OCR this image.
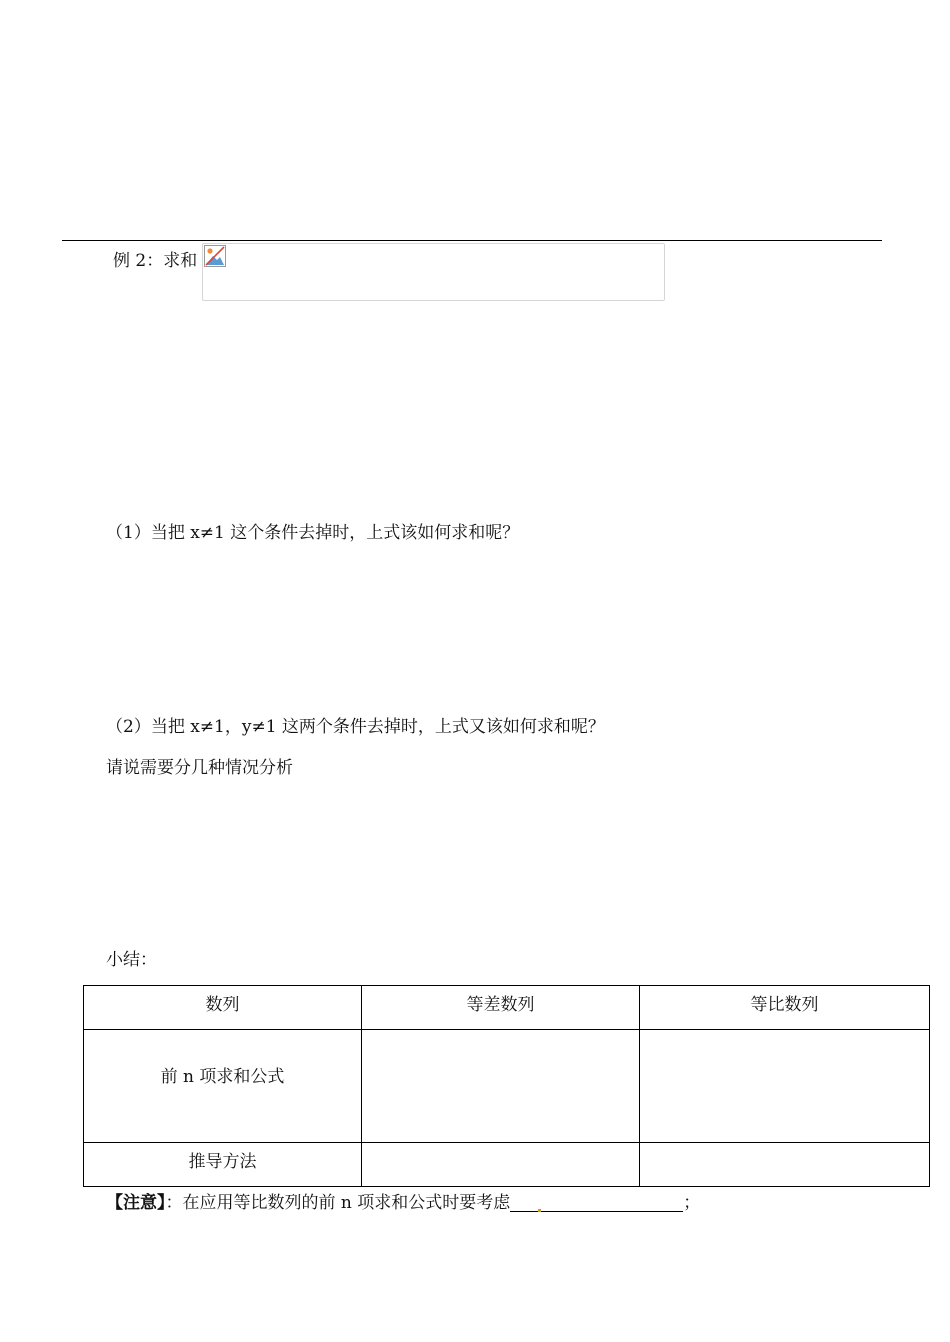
例 2：求和
（1）当把 x≠1 这个条件去掉时，上式该如何求和呢？
（2）当把 x≠1，y≠1 这两个条件去掉时，上式又该如何求和呢？
请说需要分几种情况分析
小结：
数列	等差数列	等比数列
前 n 项求和公式		
推导方法		
【注意】：在应用等比数列的前 n 项求和公式时要考虑	；
